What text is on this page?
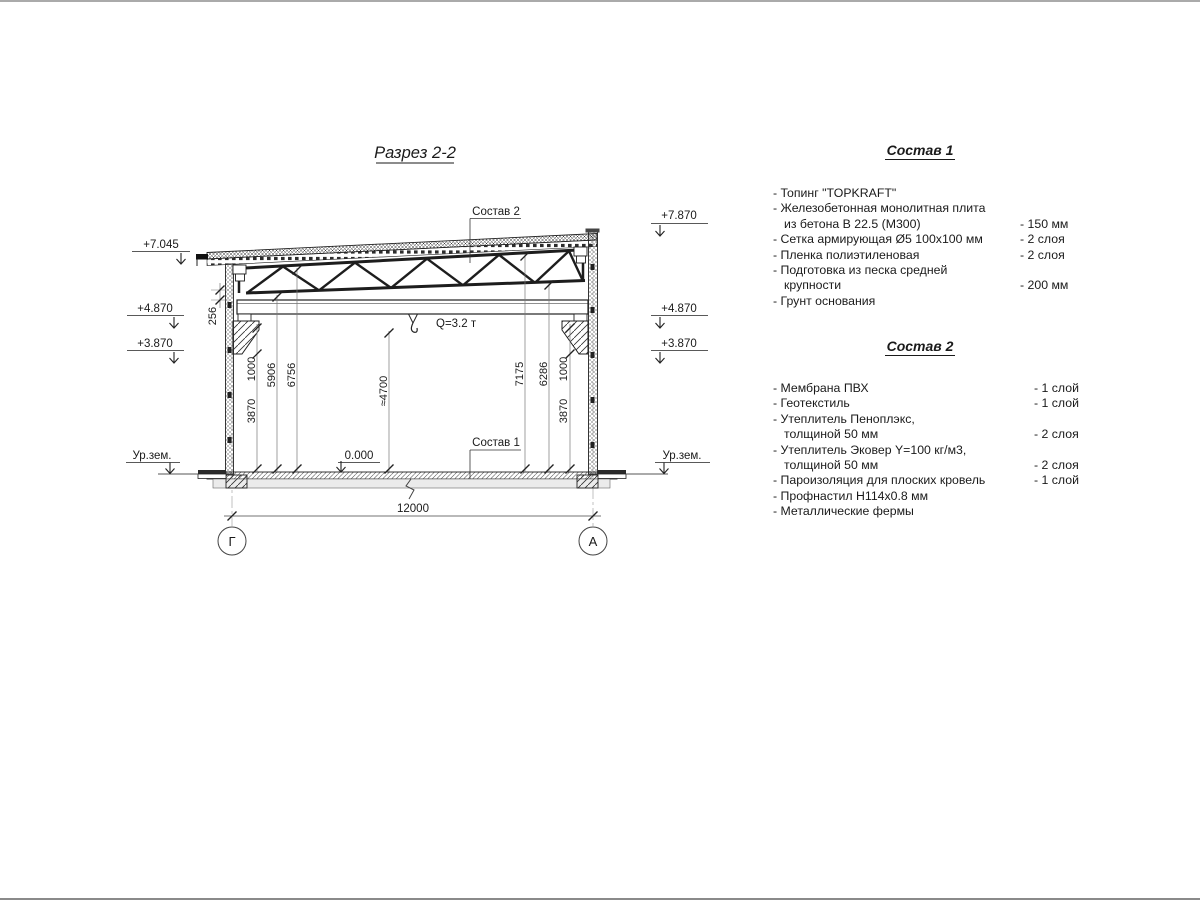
Разрез 2-2
Q=3.2 т
12000
Г	А
1000
3870
5906 6756
≈4700
7175 6286 1000
3870
256
Состав 2
Состав 1
0.000
+7.045
+4.870
+3.870
Ур.зем.
+7.870
+4.870
+3.870
Ур.зем.
Состав 1
- Топинг "TOPKRAFT"
- Железобетонная монолитная плита
из бетона В 22.5 (М300)	- 150 мм
- Сетка армирующая Ø5 100х100 мм	- 2 слоя
- Пленка полиэтиленовая	- 2 слоя
- Подготовка из песка средней
крупности	- 200 мм
- Грунт основания
Состав 2
- Мембрана ПВХ	- 1 слой
- Геотекстиль	- 1 слой
- Утеплитель Пеноплэкс,
толщиной 50 мм	- 2 слоя
- Утеплитель Эковер Y=100 кг/м3,
толщиной 50 мм	- 2 слоя
- Пароизоляция для плоских кровель	- 1 слой
- Профнастил Н114х0.8 мм
- Металлические фермы
